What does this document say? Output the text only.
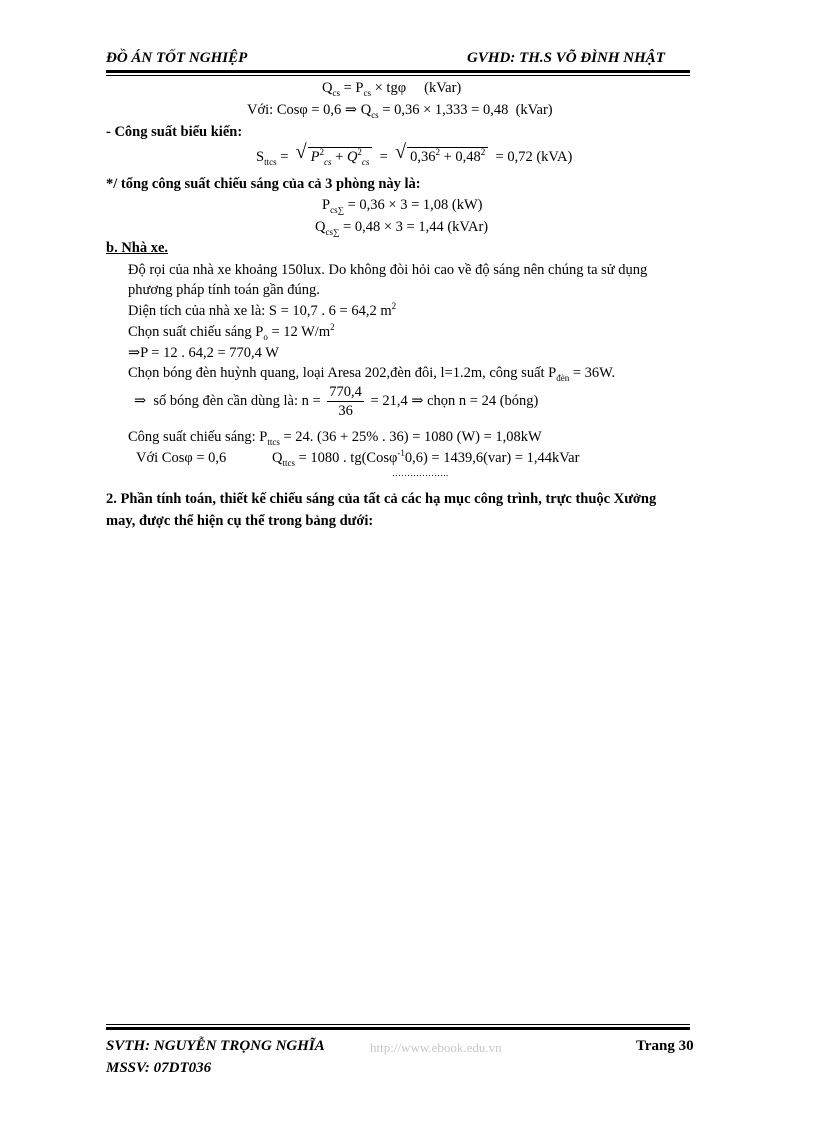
ĐỒ ÁN TỐT NGHIỆP	GVHD: TH.S VÕ ĐÌNH NHẬT
$Q_{cs} = P_{cs} \times tg\varphi$     (kVar)
Với: Cosφ = 0,6 ⇒ $Q_{cs} = 0,36 \times 1,333 = 0,48$  (kVar)
- Công suất biểu kiến:
$S_{ttcs}$ = √ $P^2_{cs} + Q^2_{cs}$  = √ $0,36^2 + 0,48^2 = 0,72$ (kVA)
*/ tổng công suất chiếu sáng của cả 3 phòng này là:
$P_{cs\sum} = 0,36 \times 3 = 1,08$ (kW)
$Q_{cs\sum} = 0,48 \times 3 = 1,44$ (kVAr)
b. Nhà xe.
Độ rọi của nhà xe khoảng 150lux. Do không đòi hỏi cao về độ sáng nên chúng ta sử dụng
phương pháp tính toán gần đúng.
Diện tích của nhà xe là: S = 10,7 . 6 = 64,2 $m^2$
Chọn suất chiếu sáng $P_o = 12$ $W/m^2$
⇒P = 12 . 64,2 = 770,4 W
Chọn bóng đèn huỳnh quang, loại Aresa 202,đèn đôi, l=1.2m, công suất $P_{đèn} = 36W$.
⇒  số bóng đèn cần dùng là: $n = \frac{770,4}{36} = 21,4$ ⇒ chọn n = 24 (bóng)
Công suất chiếu sáng: $P_{ttcs} = 24$. (36 + 25% . 36) = 1080 (W) = 1,08kW
Với Cosφ = 0,6	$Q_{ttcs} = 1080$ . tg(Cosφ$^{-1}$0,6) = 1439,6(var) = 1,44kVar
……………….
2. Phần tính toán, thiết kế chiếu sáng của tất cả các hạ mục công trình, trực thuộc Xưởng
may, được thể hiện cụ thể trong bảng dưới:
SVTH: NGUYỄN TRỌNG NGHĨA	http://www.ebook.edu.vn	Trang 30
MSSV: 07DT036
